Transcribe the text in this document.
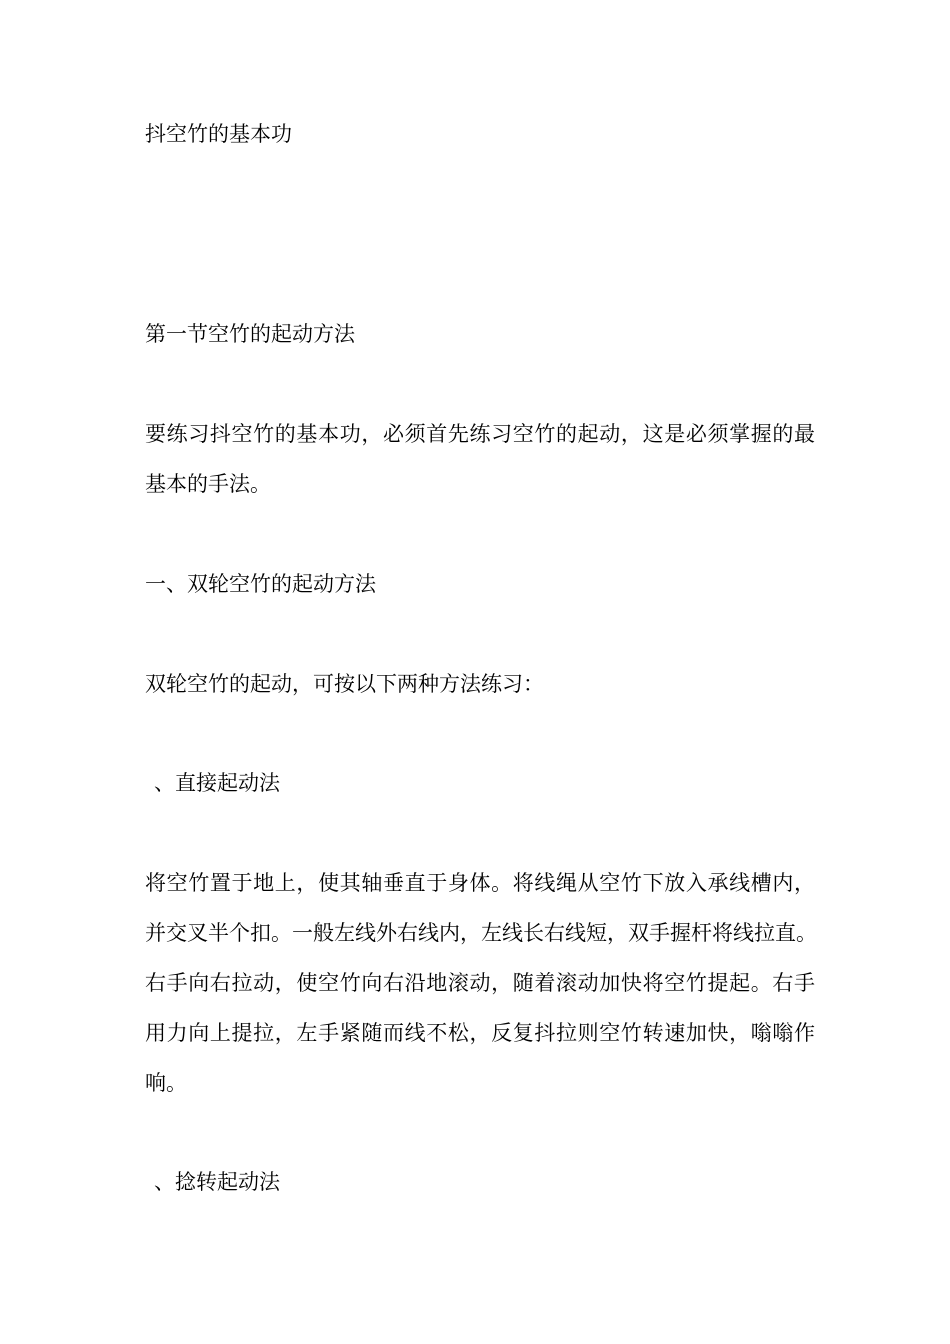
抖空竹的基本功

第一节空竹的起动方法

要练习抖空竹的基本功，必须首先练习空竹的起动，这是必须掌握的最
基本的手法。

一、双轮空竹的起动方法

双轮空竹的起动，可按以下两种方法练习：

、直接起动法

将空竹置于地上，使其轴垂直于身体。将线绳从空竹下放入承线槽内，
并交叉半个扣。一般左线外右线内，左线长右线短，双手握杆将线拉直。
右手向右拉动，使空竹向右沿地滚动，随着滚动加快将空竹提起。右手
用力向上提拉，左手紧随而线不松，反复抖拉则空竹转速加快，嗡嗡作
响。

、捻转起动法
